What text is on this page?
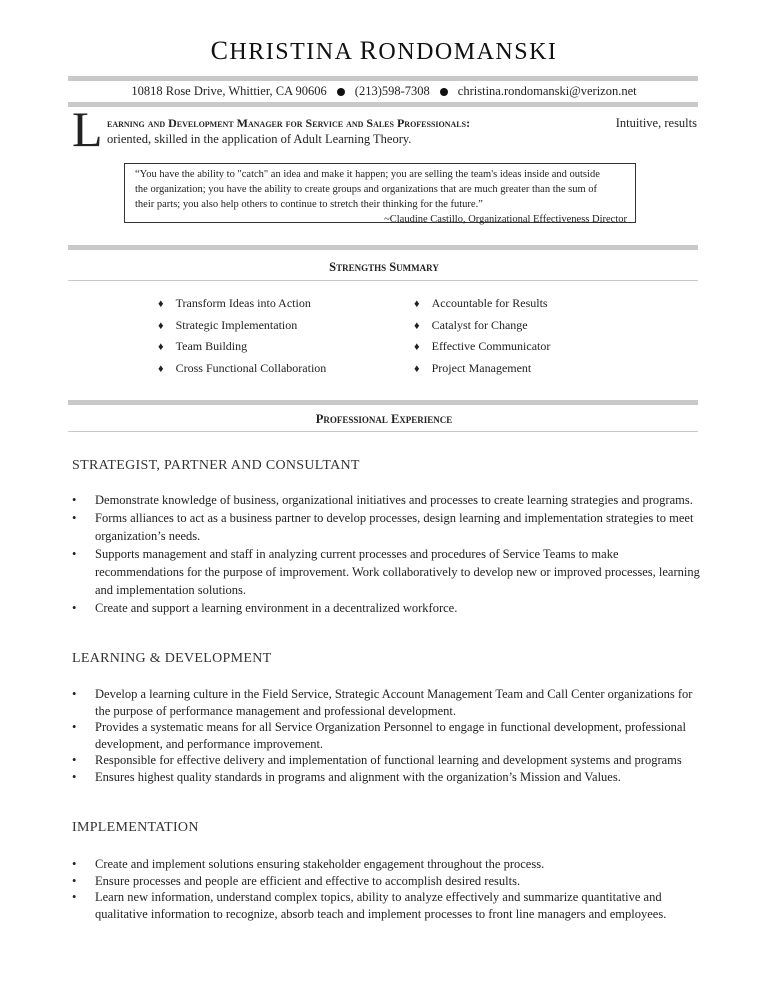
CHRISTINA RONDOMANSKI
10818 Rose Drive, Whittier, CA 90606 (213)598-7308 christina.rondomanski@verizon.net
L earning and Development Manager for Service and Sales Professionals:	Intuitive, results
oriented, skilled in the application of Adult Learning Theory.
“You have the ability to "catch" an idea and make it happen; you are selling the team's ideas inside and outside
the organization; you have the ability to create groups and organizations that are much greater than the sum of
their parts; you also help others to continue to stretch their thinking for the future.”
~Claudine Castillo, Organizational Effectiveness Director
Strengths Summary
♦ Transform Ideas into Action
♦ Strategic Implementation
♦ Team Building
♦ Cross Functional Collaboration
♦ Accountable for Results
♦ Catalyst for Change
♦ Effective Communicator
♦ Project Management
Professional Experience
STRATEGIST, PARTNER AND CONSULTANT
• Demonstrate knowledge of business, organizational initiatives and processes to create learning strategies and programs.
• Forms alliances to act as a business partner to develop processes, design learning and implementation strategies to meet organization’s needs.
• Supports management and staff in analyzing current processes and procedures of Service Teams to make recommendations for the purpose of improvement. Work collaboratively to develop new or improved processes, learning and implementation solutions.
• Create and support a learning environment in a decentralized workforce.
LEARNING & DEVELOPMENT
• Develop a learning culture in the Field Service, Strategic Account Management Team and Call Center organizations for the purpose of performance management and professional development.
• Provides a systematic means for all Service Organization Personnel to engage in functional development, professional development, and performance improvement.
• Responsible for effective delivery and implementation of functional learning and development systems and programs
• Ensures highest quality standards in programs and alignment with the organization’s Mission and Values.
IMPLEMENTATION
• Create and implement solutions ensuring stakeholder engagement throughout the process.
• Ensure processes and people are efficient and effective to accomplish desired results.
• Learn new information, understand complex topics, ability to analyze effectively and summarize quantitative and qualitative information to recognize, absorb teach and implement processes to front line managers and employees.
